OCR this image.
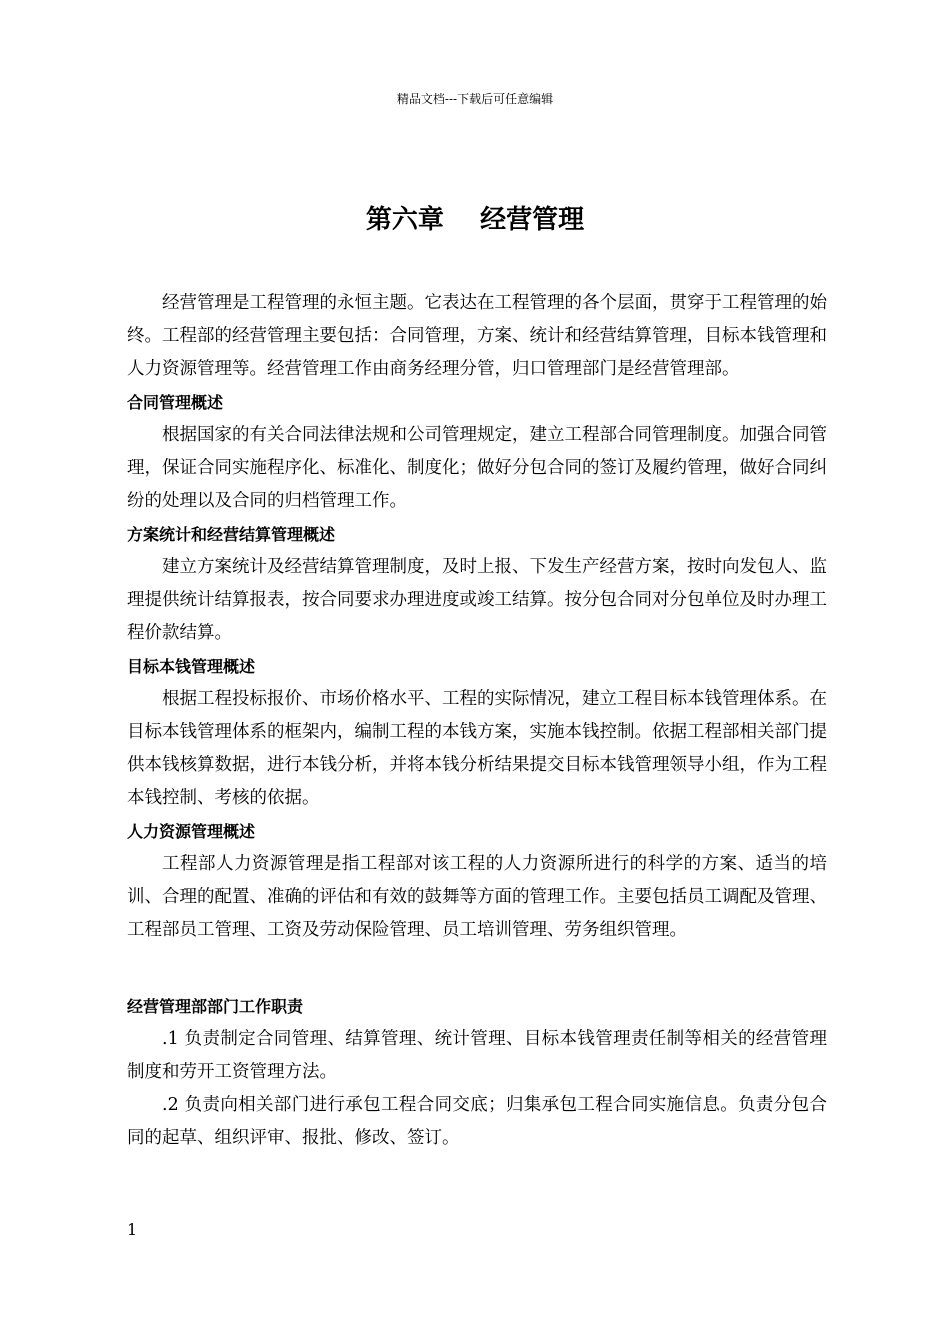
精品文档---下载后可任意编辑
第六章    经营管理

经营管理是工程管理的永恒主题。它表达在工程管理的各个层面，贯穿于工程管理的始终。工程部的经营管理主要包括：合同管理，方案、统计和经营结算管理，目标本钱管理和人力资源管理等。经营管理工作由商务经理分管，归口管理部门是经营管理部。

合同管理概述

根据国家的有关合同法律法规和公司管理规定，建立工程部合同管理制度。加强合同管理，保证合同实施程序化、标准化、制度化；做好分包合同的签订及履约管理，做好合同纠纷的处理以及合同的归档管理工作。

方案统计和经营结算管理概述

建立方案统计及经营结算管理制度，及时上报、下发生产经营方案，按时向发包人、监理提供统计结算报表，按合同要求办理进度或竣工结算。按分包合同对分包单位及时办理工程价款结算。

目标本钱管理概述

根据工程投标报价、市场价格水平、工程的实际情况，建立工程目标本钱管理体系。在目标本钱管理体系的框架内，编制工程的本钱方案，实施本钱控制。依据工程部相关部门提供本钱核算数据，进行本钱分析，并将本钱分析结果提交目标本钱管理领导小组，作为工程本钱控制、考核的依据。

人力资源管理概述

工程部人力资源管理是指工程部对该工程的人力资源所进行的科学的方案、适当的培训、合理的配置、准确的评估和有效的鼓舞等方面的管理工作。主要包括员工调配及管理、工程部员工管理、工资及劳动保险管理、员工培训管理、劳务组织管理。

经营管理部部门工作职责

.1 负责制定合同管理、结算管理、统计管理、目标本钱管理责任制等相关的经营管理制度和劳开工资管理方法。

.2 负责向相关部门进行承包工程合同交底；归集承包工程合同实施信息。负责分包合同的起草、组织评审、报批、修改、签订。

1
